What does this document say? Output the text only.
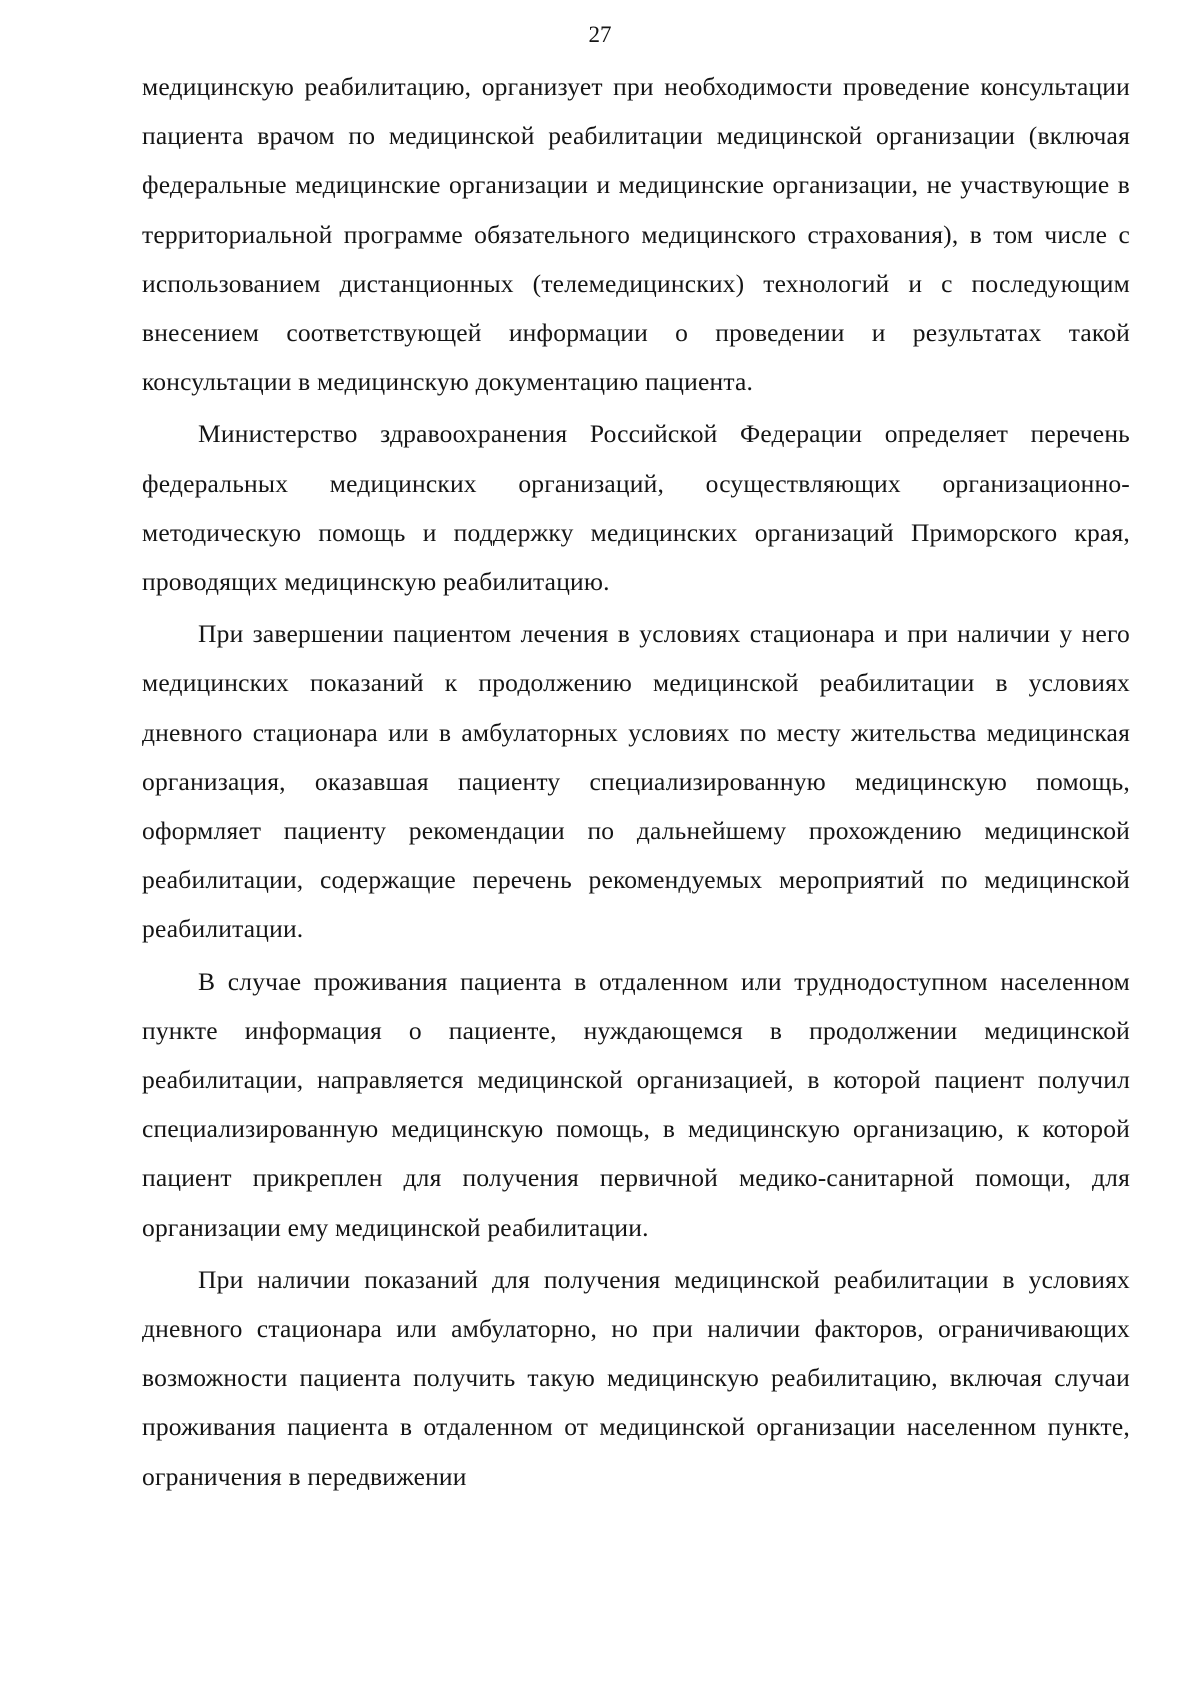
27

медицинскую реабилитацию, организует при необходимости проведение консультации пациента врачом по медицинской реабилитации медицинской организации (включая федеральные медицинские организации и медицинские организации, не участвующие в территориальной программе обязательного медицинского страхования), в том числе с использованием дистанционных (телемедицинских) технологий и с последующим внесением соответствующей информации о проведении и результатах такой консультации в медицинскую документацию пациента.

Министерство здравоохранения Российской Федерации определяет перечень федеральных медицинских организаций, осуществляющих организационно-методическую помощь и поддержку медицинских организаций Приморского края, проводящих медицинскую реабилитацию.

При завершении пациентом лечения в условиях стационара и при наличии у него медицинских показаний к продолжению медицинской реабилитации в условиях дневного стационара или в амбулаторных условиях по месту жительства медицинская организация, оказавшая пациенту специализированную медицинскую помощь, оформляет пациенту рекомендации по дальнейшему прохождению медицинской реабилитации, содержащие перечень рекомендуемых мероприятий по медицинской реабилитации.

В случае проживания пациента в отдаленном или труднодоступном населенном пункте информация о пациенте, нуждающемся в продолжении медицинской реабилитации, направляется медицинской организацией, в которой пациент получил специализированную медицинскую помощь, в медицинскую организацию, к которой пациент прикреплен для получения первичной медико-санитарной помощи, для организации ему медицинской реабилитации.

При наличии показаний для получения медицинской реабилитации в условиях дневного стационара или амбулаторно, но при наличии факторов, ограничивающих возможности пациента получить такую медицинскую реабилитацию, включая случаи проживания пациента в отдаленном от медицинской организации населенном пункте, ограничения в передвижении
